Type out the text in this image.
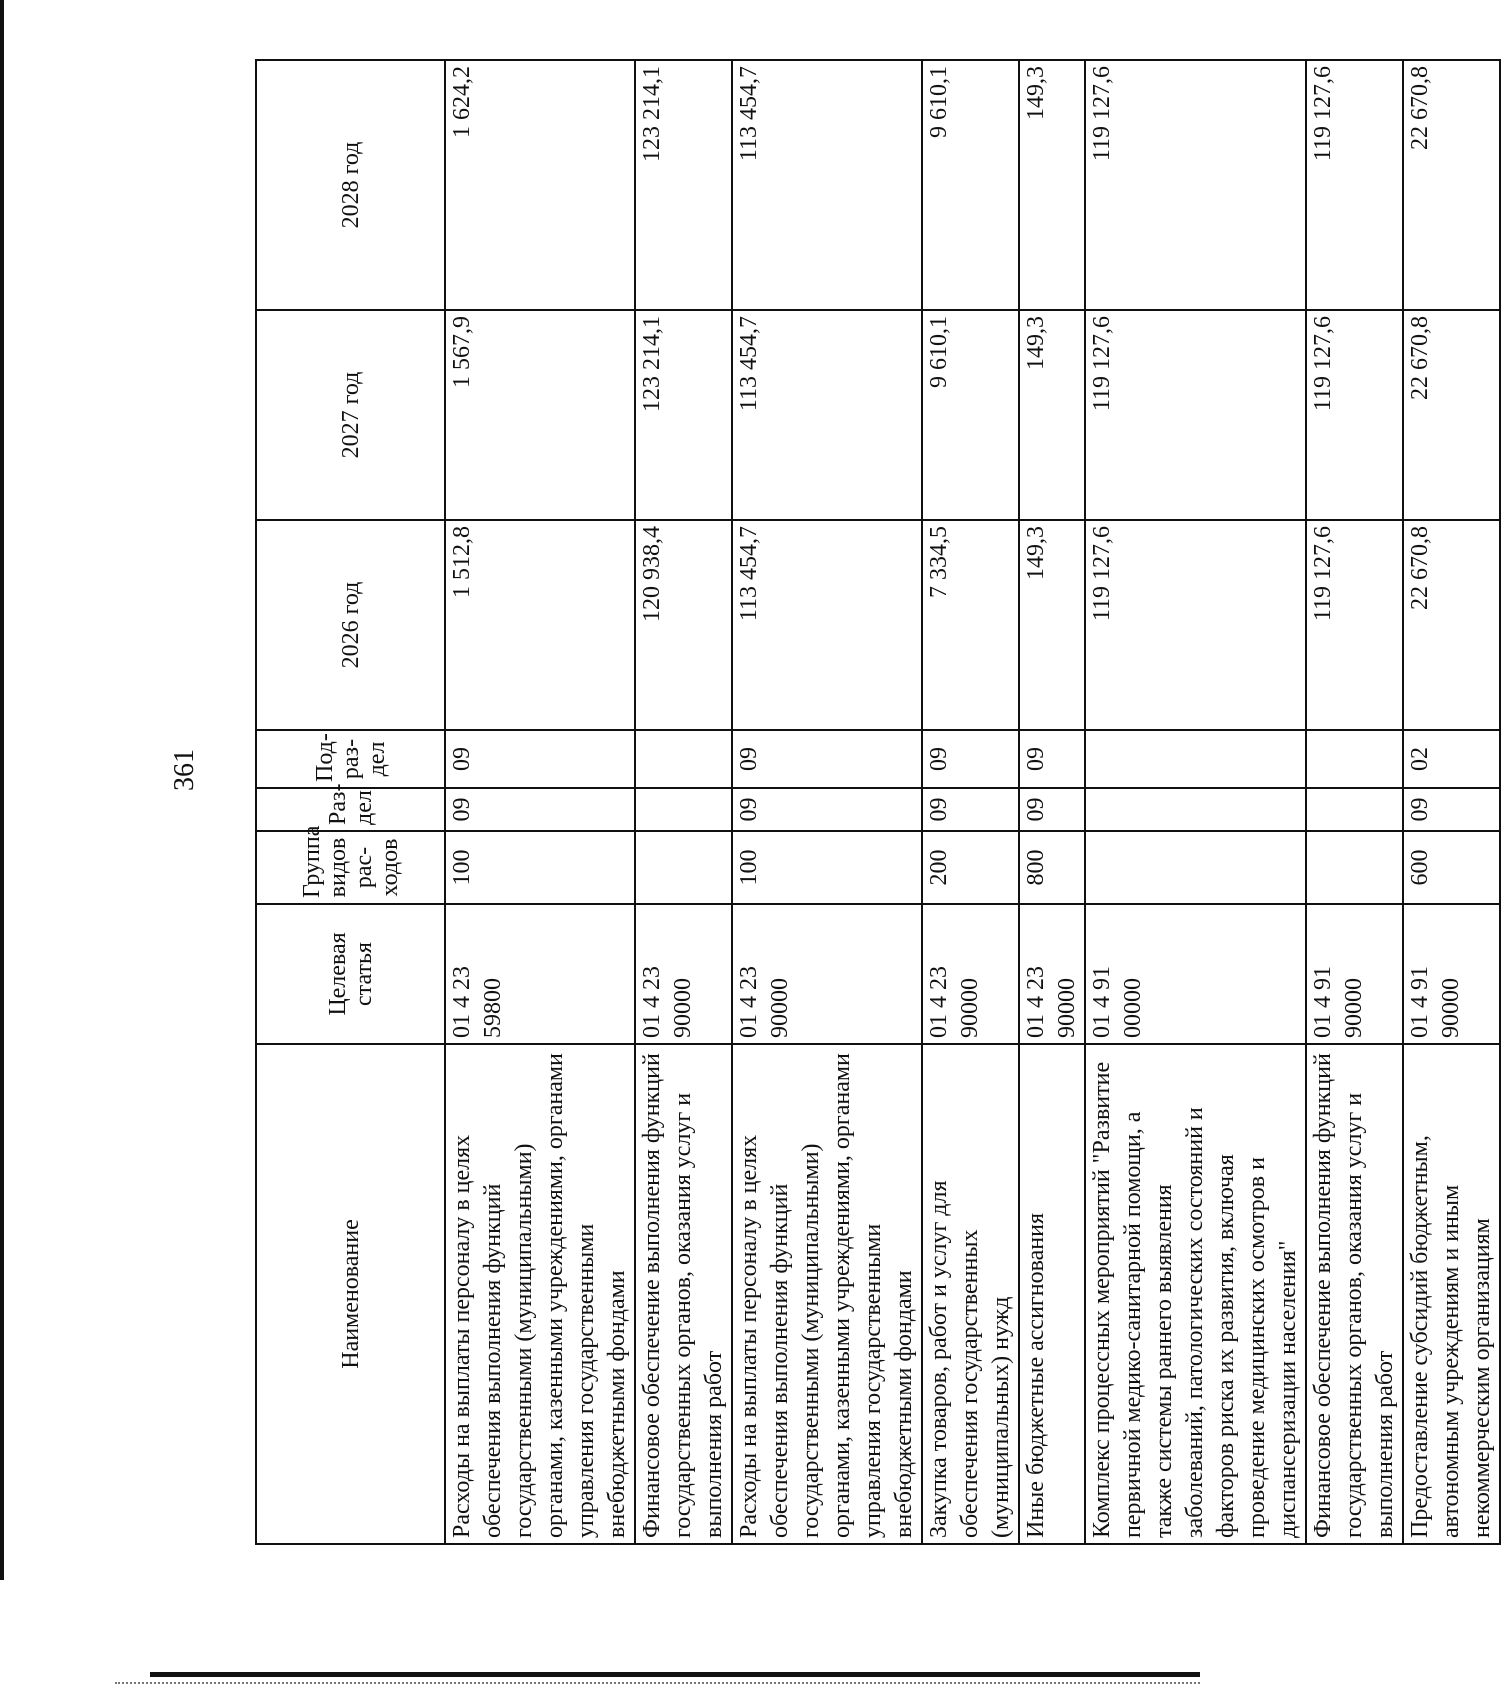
361
Наименование	Целевая статья	Группа видов рас-ходов	Раз-дел	Под-раз-дел	2026 год	2027 год	2028 год
Расходы на выплаты персоналу в целях обеспечения выполнения функций государственными (муниципальными) органами, казенными учреждениями, органами управления государственными внебюджетными фондами	01 4 23 59800	100	09	09	1 512,8	1 567,9	1 624,2
Финансовое обеспечение выполнения функций государственных органов, оказания услуг и выполнения работ	01 4 23 90000				120 938,4	123 214,1	123 214,1
Расходы на выплаты персоналу в целях обеспечения выполнения функций государственными (муниципальными) органами, казенными учреждениями, органами управления государственными внебюджетными фондами	01 4 23 90000	100	09	09	113 454,7	113 454,7	113 454,7
Закупка товаров, работ и услуг для обеспечения государственных (муниципальных) нужд	01 4 23 90000	200	09	09	7 334,5	9 610,1	9 610,1
Иные бюджетные ассигнования	01 4 23 90000	800	09	09	149,3	149,3	149,3
Комплекс процессных мероприятий "Развитие первичной медико-санитарной помощи, а также системы раннего выявления заболеваний, патологических состояний и факторов риска их развития, включая проведение медицинских осмотров и диспансеризации населения"	01 4 91 00000				119 127,6	119 127,6	119 127,6
Финансовое обеспечение выполнения функций государственных органов, оказания услуг и выполнения работ	01 4 91 90000				119 127,6	119 127,6	119 127,6
Предоставление субсидий бюджетным, автономным учреждениям и иным некоммерческим организациям	01 4 91 90000	600	09	02	22 670,8	22 670,8	22 670,8
